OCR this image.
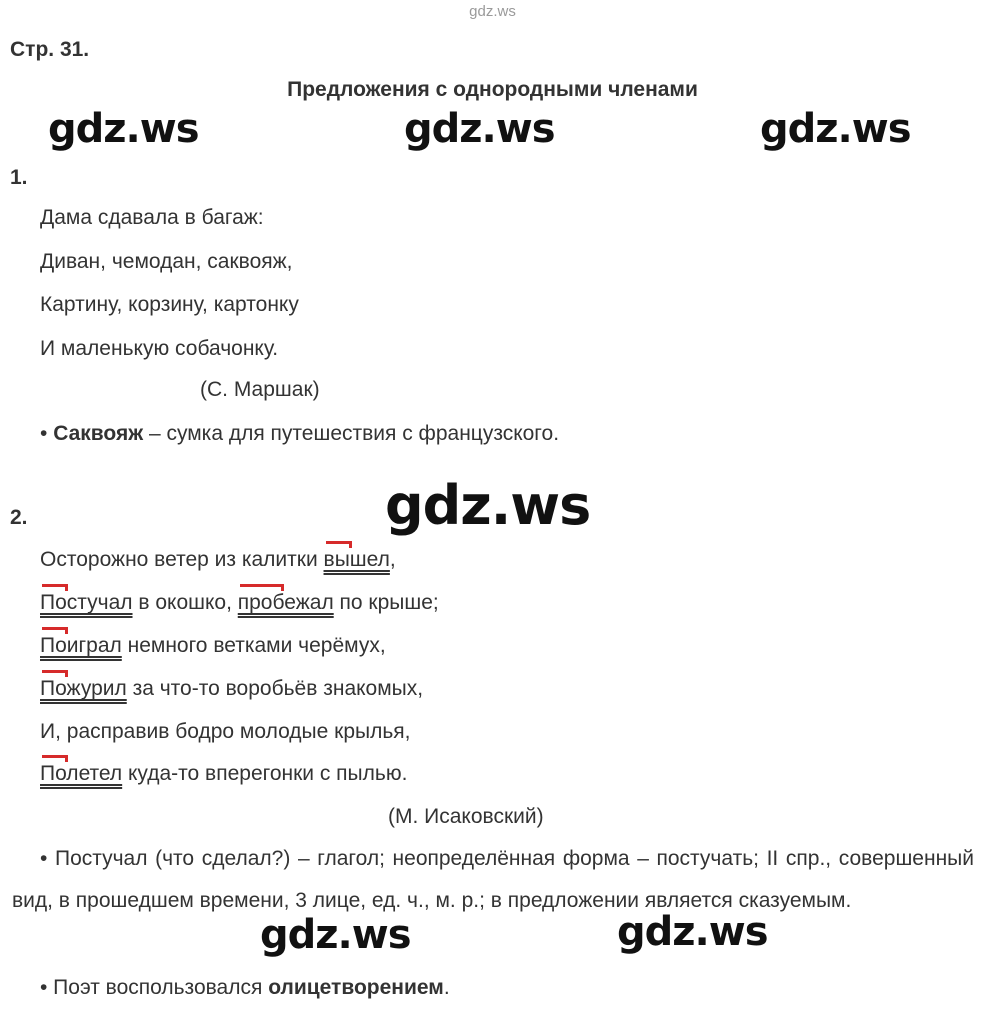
gdz.ws
Стр. 31.
Предложения с однородными членами
gdz.ws	gdz.ws	gdz.ws
1.
Дама сдавала в багаж:
Диван, чемодан, саквояж,
Картину, корзину, картонку
И маленькую собачонку.
(С. Маршак)
• Саквояж – сумка для путешествия с французского.
gdz.ws
2.
Осторожно ветер из калитки
вышел,
Постучал в окошко,
пробежал по крыше;
Поиграл немного ветками черёмух,
Пожурил за что-то воробьёв знакомых,
И, расправив бодро молодые крылья,
Полетел куда-то вперегонки с пылью.
(М. Исаковский)
• Постучал (что сделал?) – глагол; неопределённая форма – постучать; II спр., совершенный вид, в прошедшем времени, 3 лице, ед. ч., м. р.; в предложении является сказуемым.
gdz.ws	gdz.ws
• Поэт воспользовался олицетворением.
